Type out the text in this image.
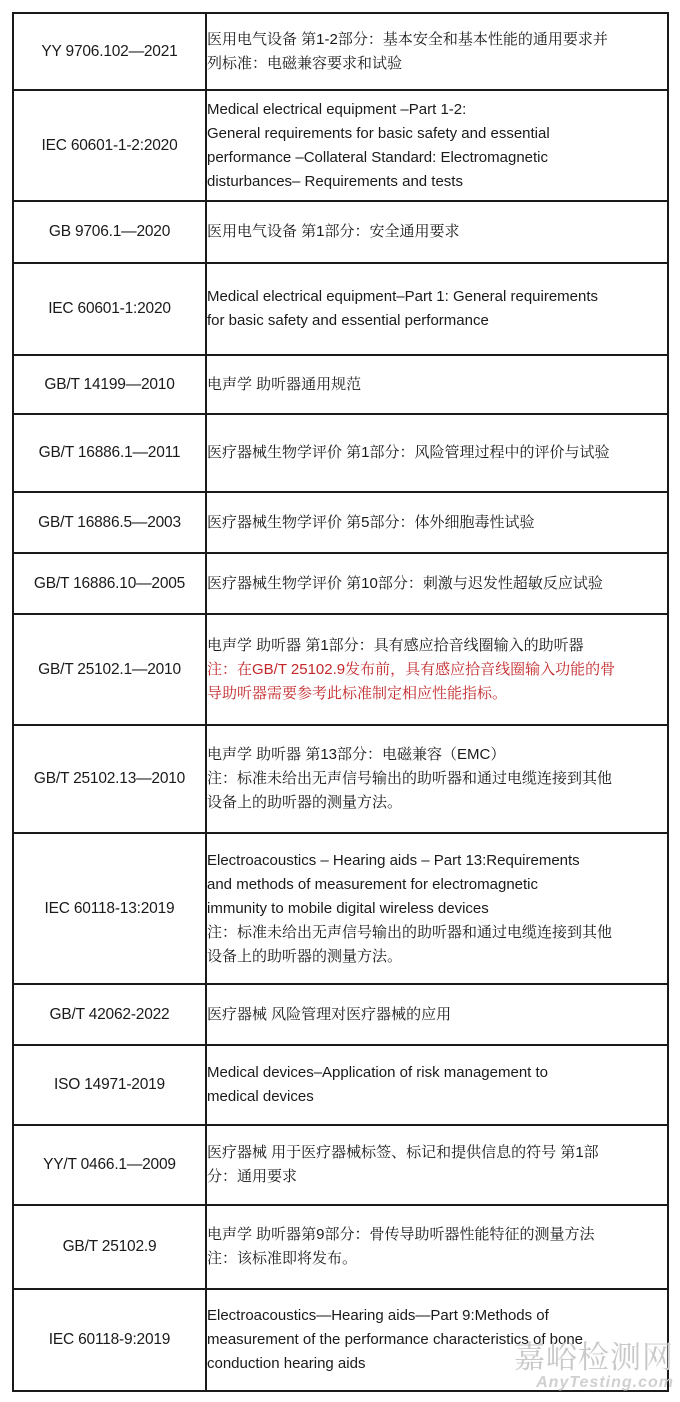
YY 9706.102—2021	医用电气设备 第1-2部分：基本安全和基本性能的通用要求并
列标准：电磁兼容要求和试验

IEC 60601-1-2:2020	Medical electrical equipment –Part 1-2:
General requirements for basic safety and essential
performance –Collateral Standard: Electromagnetic
disturbances– Requirements and tests

GB 9706.1—2020	医用电气设备 第1部分：安全通用要求

IEC 60601-1:2020	Medical electrical equipment–Part 1: General requirements
for basic safety and essential performance

GB/T 14199—2010	电声学 助听器通用规范

GB/T 16886.1—2011	医疗器械生物学评价 第1部分：风险管理过程中的评价与试验

GB/T 16886.5—2003	医疗器械生物学评价 第5部分：体外细胞毒性试验

GB/T 16886.10—2005	医疗器械生物学评价 第10部分：刺激与迟发性超敏反应试验

GB/T 25102.1—2010	电声学 助听器 第1部分：具有感应拾音线圈输入的助听器
注：在GB/T 25102.9发布前，具有感应拾音线圈输入功能的骨
导助听器需要参考此标准制定相应性能指标。

GB/T 25102.13—2010	电声学 助听器 第13部分：电磁兼容（EMC）
注：标准未给出无声信号输出的助听器和通过电缆连接到其他
设备上的助听器的测量方法。

IEC 60118-13:2019	Electroacoustics – Hearing aids – Part 13:Requirements
and methods of measurement for electromagnetic
immunity to mobile digital wireless devices
注：标准未给出无声信号输出的助听器和通过电缆连接到其他
设备上的助听器的测量方法。

GB/T 42062-2022	医疗器械 风险管理对医疗器械的应用

ISO 14971-2019	Medical devices–Application of risk management to
medical devices

YY/T 0466.1—2009	医疗器械 用于医疗器械标签、标记和提供信息的符号 第1部
分：通用要求

GB/T 25102.9	电声学 助听器第9部分：骨传导助听器性能特征的测量方法
注：该标准即将发布。

IEC 60118-9:2019	Electroacoustics—Hearing aids—Part 9:Methods of
measurement of the performance characteristics of bone
conduction hearing aids	嘉峪检测网
AnyTesting.com
